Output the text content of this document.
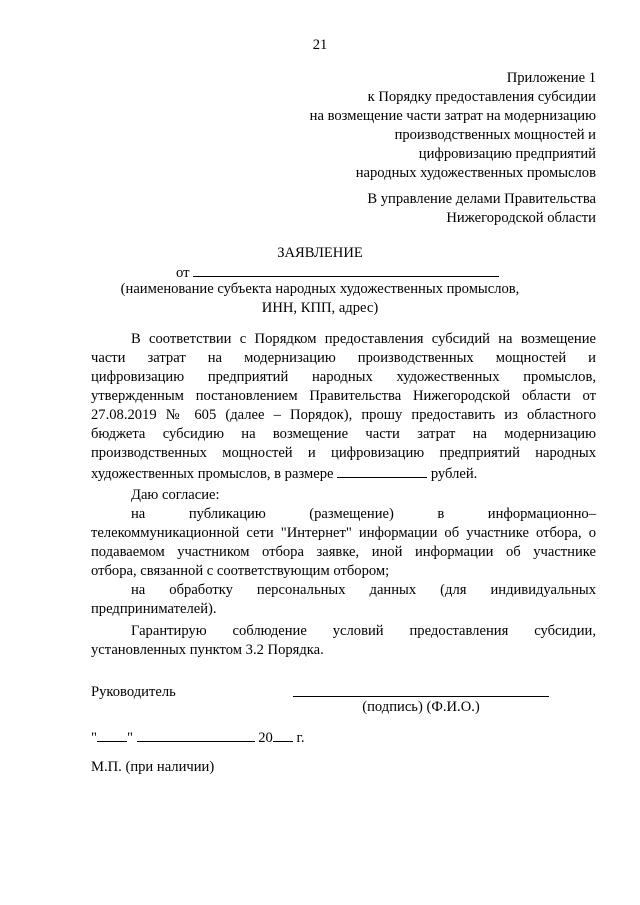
21
Приложение 1
к Порядку предоставления субсидии
на возмещение части затрат на модернизацию
производственных мощностей и
цифровизацию предприятий
народных художественных промыслов
В управление делами Правительства
Нижегородской области
ЗАЯВЛЕНИЕ
от
(наименование субъекта народных художественных промыслов,
ИНН, КПП, адрес)
В соответствии с Порядком предоставления субсидий на возмещение
части затрат на модернизацию производственных мощностей и
цифровизацию предприятий народных художественных промыслов,
утвержденным постановлением Правительства Нижегородской области от
27.08.2019 № 605 (далее – Порядок), прошу предоставить из областного
бюджета субсидию на возмещение части затрат на модернизацию
производственных мощностей и цифровизацию предприятий народных
художественных промыслов, в размере	рублей.
Даю согласие:
на публикацию (размещение) в информационно–
телекоммуникационной сети "Интернет" информации об участнике отбора, о
подаваемом участником отбора заявке, иной информации об участнике
отбора, связанной с соответствующим отбором;
на обработку персональных данных (для индивидуальных
предпринимателей).
Гарантирую соблюдение условий предоставления субсидии,
установленных пунктом 3.2 Порядка.
Руководитель
(подпись) (Ф.И.О.)
" "	20 г.
М.П. (при наличии)
